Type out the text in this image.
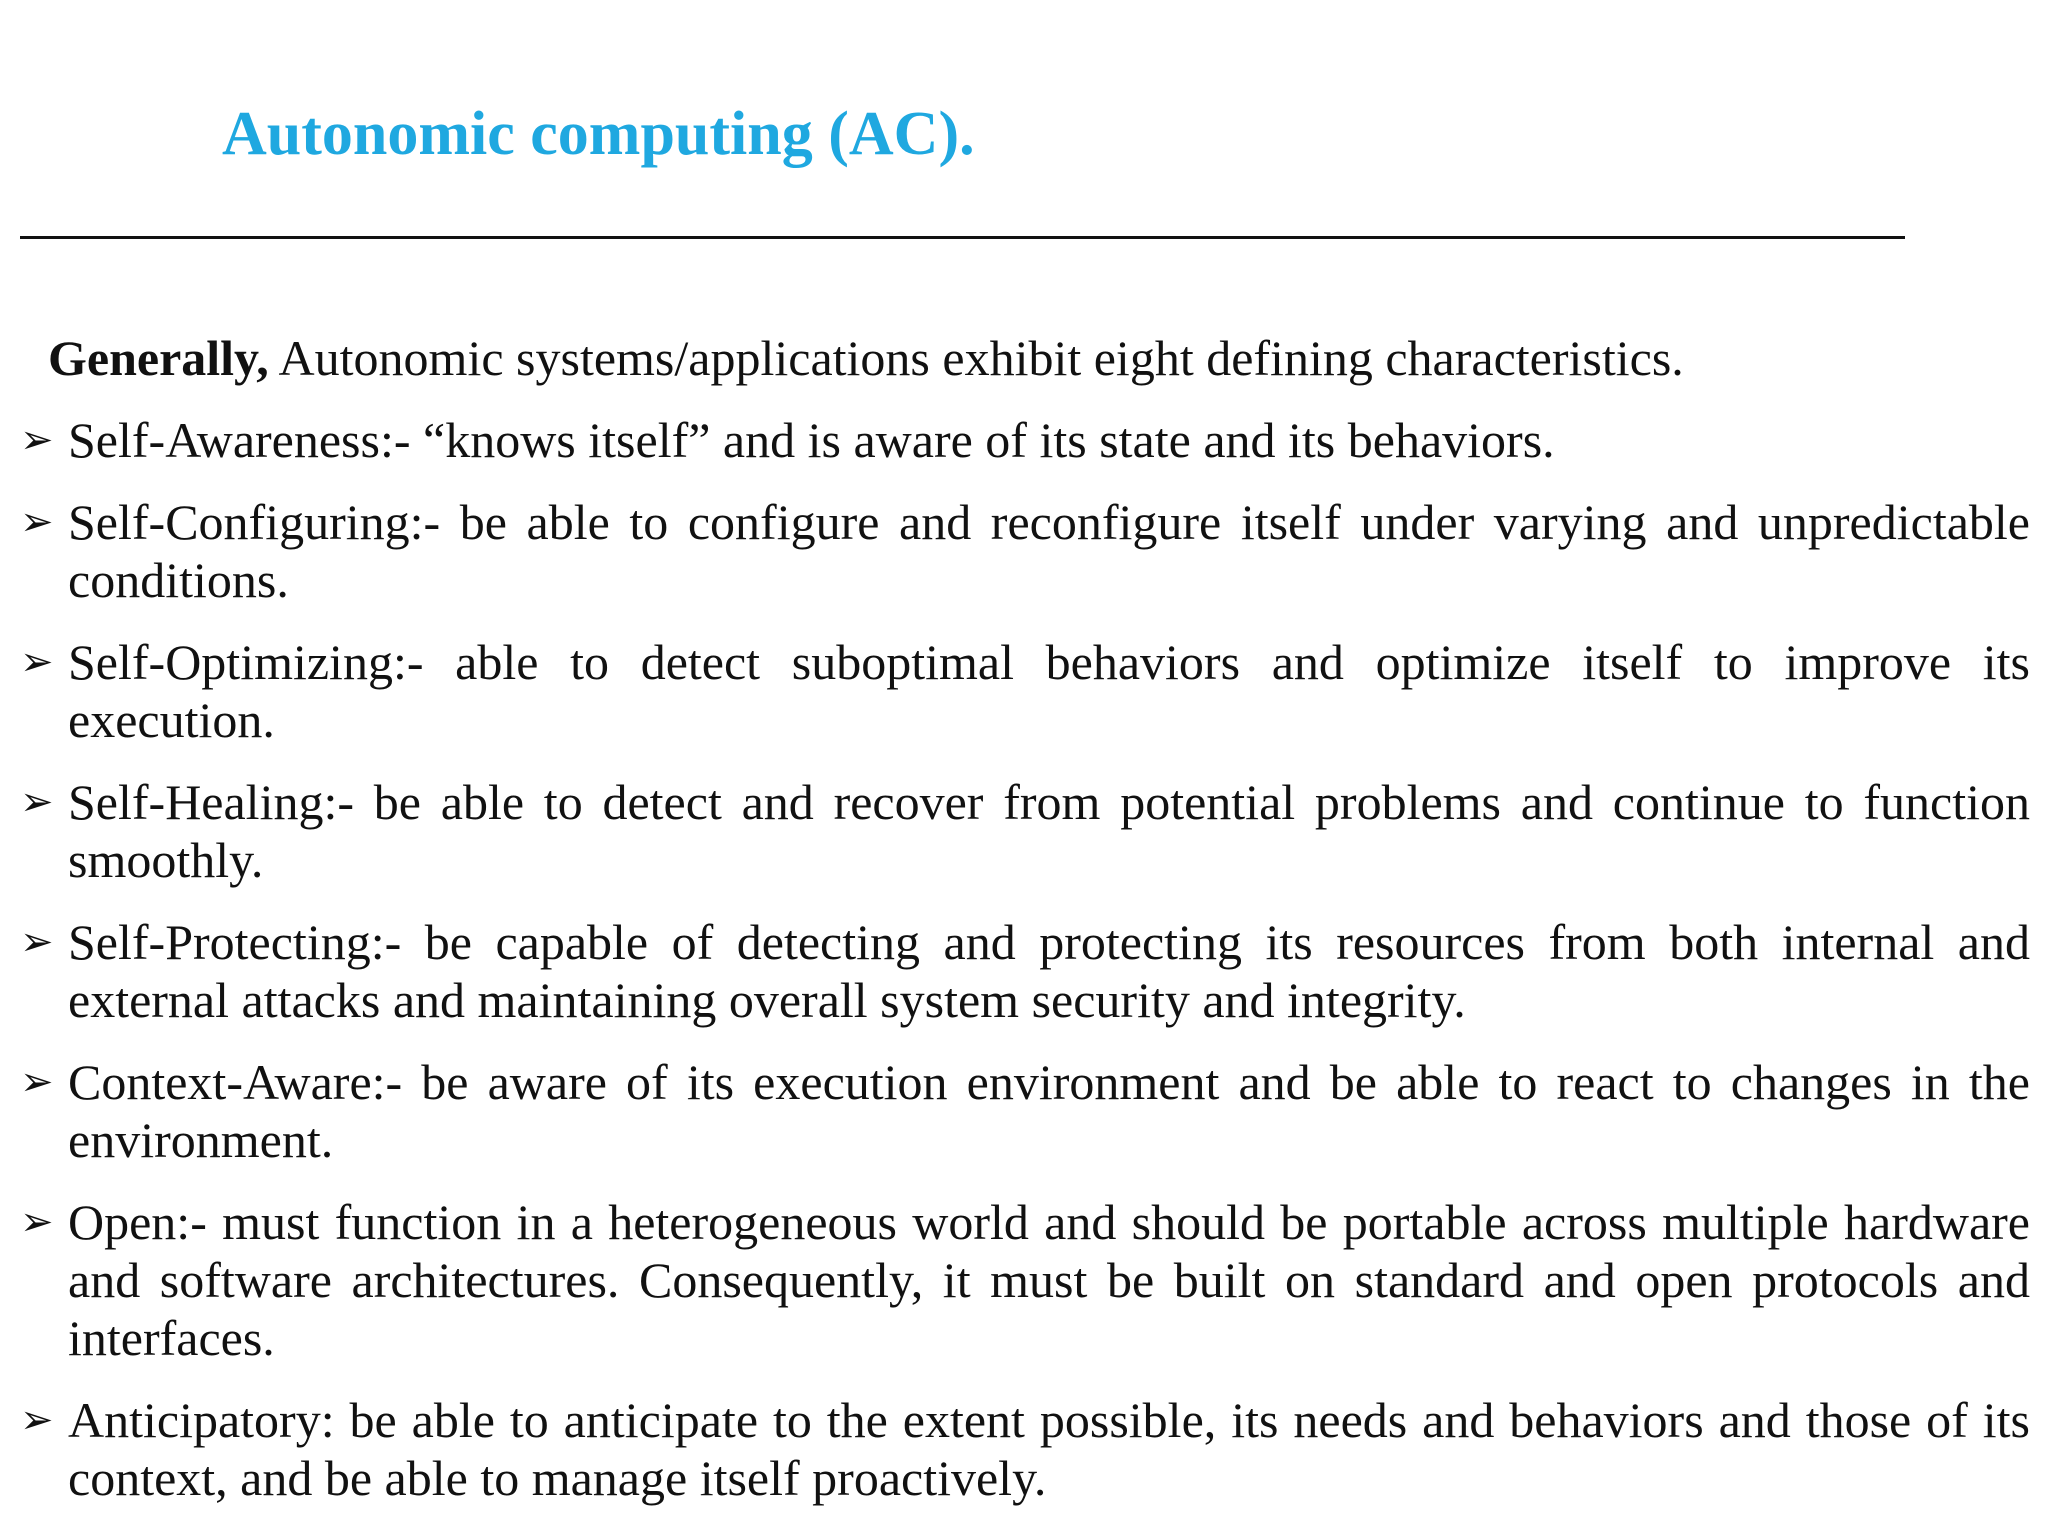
Autonomic computing (AC).
Generally, Autonomic systems/applications exhibit eight defining characteristics.
➢ Self-Awareness:- “knows itself” and is aware of its state and its behaviors.
➢ Self-Configuring:- be able to configure and reconfigure itself under varying and unpredictable conditions.
➢ Self-Optimizing:- able to detect suboptimal behaviors and optimize itself to improve its execution.
➢ Self-Healing:- be able to detect and recover from potential problems and continue to function smoothly.
➢ Self-Protecting:- be capable of detecting and protecting its resources from both internal and external attacks and maintaining overall system security and integrity.
➢ Context-Aware:- be aware of its execution environment and be able to react to changes in the environment.
➢ Open:- must function in a heterogeneous world and should be portable across multiple hardware and software architectures. Consequently, it must be built on standard and open protocols and interfaces.
➢ Anticipatory: be able to anticipate to the extent possible, its needs and behaviors and those of its context, and be able to manage itself proactively.
